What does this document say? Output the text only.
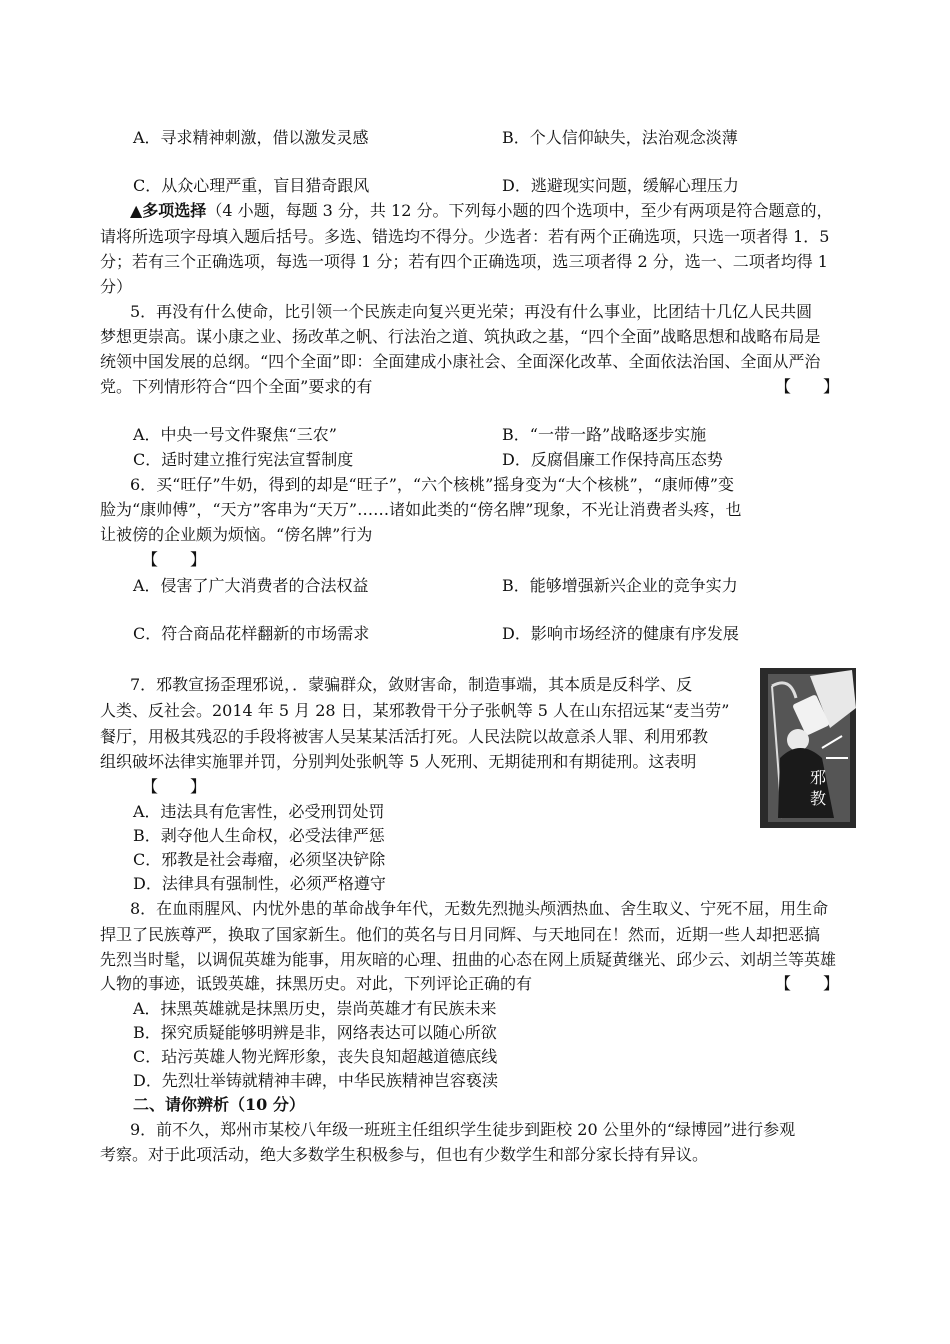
A．寻求精神刺激，借以激发灵感	B．个人信仰缺失，法治观念淡薄
C．从众心理严重，盲目猎奇跟风	D．逃避现实问题，缓解心理压力
▲多项选择（4 小题，每题 3 分，共 12 分。下列每小题的四个选项中，至少有两项是符合题意的，
请将所选项字母填入题后括号。多选、错选均不得分。少选者：若有两个正确选项，只选一项者得 1．5
分；若有三个正确选项，每选一项得 1 分；若有四个正确选项，选三项者得 2 分，选一、二项者均得 1
分）
5．再没有什么使命，比引领一个民族走向复兴更光荣；再没有什么事业，比团结十几亿人民共圆
梦想更崇高。谋小康之业、扬改革之帆、行法治之道、筑执政之基，“四个全面”战略思想和战略布局是
统领中国发展的总纲。“四个全面”即：全面建成小康社会、全面深化改革、全面依法治国、全面从严治
党。下列情形符合“四个全面”要求的有	【　　】
A．中央一号文件聚焦“三农”	B．“一带一路”战略逐步实施
C．适时建立推行宪法宣誓制度	D．反腐倡廉工作保持高压态势
6．买“旺仔”牛奶，得到的却是“旺子”，“六个核桃”摇身变为“大个核桃”，“康师傅”变
脸为“康帅傅”，“天方”客串为“天万”……诸如此类的“傍名牌”现象，不光让消费者头疼，也
让被傍的企业颇为烦恼。“傍名牌”行为
【　　】
A．侵害了广大消费者的合法权益	B．能够增强新兴企业的竞争实力
C．符合商品花样翻新的市场需求	D．影响市场经济的健康有序发展
7．邪教宣扬歪理邪说，．蒙骗群众，敛财害命，制造事端，其本质是反科学、反
人类、反社会。2014 年 5 月 28 日，某邪教骨干分子张帆等 5 人在山东招远某“麦当劳”
餐厅，用极其残忍的手段将被害人吴某某活活打死。人民法院以故意杀人罪、利用邪教
组织破坏法律实施罪并罚，分别判处张帆等 5 人死刑、无期徒刑和有期徒刑。这表明
【　　】
A．违法具有危害性，必受刑罚处罚
B．剥夺他人生命权，必受法律严惩
C．邪教是社会毒瘤，必须坚决铲除
D．法律具有强制性，必须严格遵守
邪
教
8．在血雨腥风、内忧外患的革命战争年代，无数先烈抛头颅洒热血、舍生取义、宁死不屈，用生命
捍卫了民族尊严，换取了国家新生。他们的英名与日月同辉、与天地同在！然而，近期一些人却把恶搞
先烈当时髦，以调侃英雄为能事，用灰暗的心理、扭曲的心态在网上质疑黄继光、邱少云、刘胡兰等英雄
人物的事迹，诋毁英雄，抹黑历史。对此，下列评论正确的有	【　　】
A．抹黑英雄就是抹黑历史，崇尚英雄才有民族未来
B．探究质疑能够明辨是非，网络表达可以随心所欲
C．玷污英雄人物光辉形象，丧失良知超越道德底线
D．先烈壮举铸就精神丰碑，中华民族精神岂容亵渎
二、请你辨析（10 分）
9．前不久，郑州市某校八年级一班班主任组织学生徒步到距校 20 公里外的“绿博园”进行参观
考察。对于此项活动，绝大多数学生积极参与，但也有少数学生和部分家长持有异议。
